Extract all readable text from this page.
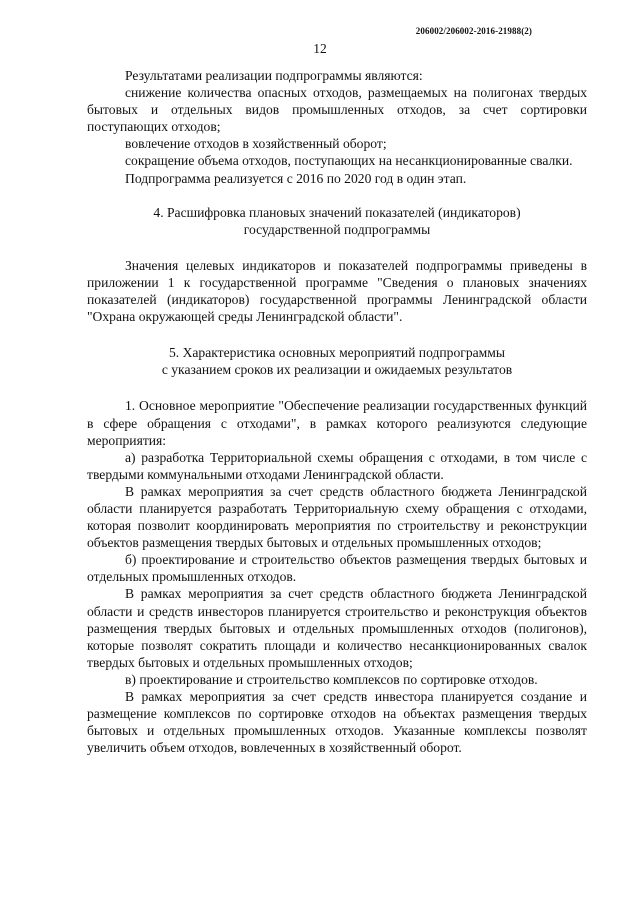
206002/206002-2016-21988(2)
12

Результатами реализации подпрограммы являются:

снижение количества опасных отходов, размещаемых на полигонах твердых бытовых и отдельных видов промышленных отходов, за счет сортировки поступающих отходов;

вовлечение отходов в хозяйственный оборот;

сокращение объема отходов, поступающих на несанкционированные свалки.

Подпрограмма реализуется с 2016 по 2020 год в один этап.

4. Расшифровка плановых значений показателей (индикаторов)
государственной подпрограммы

Значения целевых индикаторов и показателей подпрограммы приведены в приложении 1 к государственной программе "Сведения о плановых значениях показателей (индикаторов) государственной программы Ленинградской области "Охрана окружающей среды Ленинградской области".

5. Характеристика основных мероприятий подпрограммы
с указанием сроков их реализации и ожидаемых результатов

1. Основное мероприятие "Обеспечение реализации государственных функций в сфере обращения с отходами", в рамках которого реализуются следующие мероприятия:

а) разработка Территориальной схемы обращения с отходами, в том числе с твердыми коммунальными отходами Ленинградской области.

В рамках мероприятия за счет средств областного бюджета Ленинградской области планируется разработать Территориальную схему обращения с отходами, которая позволит координировать мероприятия по строительству и реконструкции объектов размещения твердых бытовых и отдельных промышленных отходов;

б) проектирование и строительство объектов размещения твердых бытовых и отдельных промышленных отходов.

В рамках мероприятия за счет средств областного бюджета Ленинградской области и средств инвесторов планируется строительство и реконструкция объектов размещения твердых бытовых и отдельных промышленных отходов (полигонов), которые позволят сократить площади и количество несанкционированных свалок твердых бытовых и отдельных промышленных отходов;

в) проектирование и строительство комплексов по сортировке отходов.

В рамках мероприятия за счет средств инвестора планируется создание и размещение комплексов по сортировке отходов на объектах размещения твердых бытовых и отдельных промышленных отходов. Указанные комплексы позволят увеличить объем отходов, вовлеченных в хозяйственный оборот.
